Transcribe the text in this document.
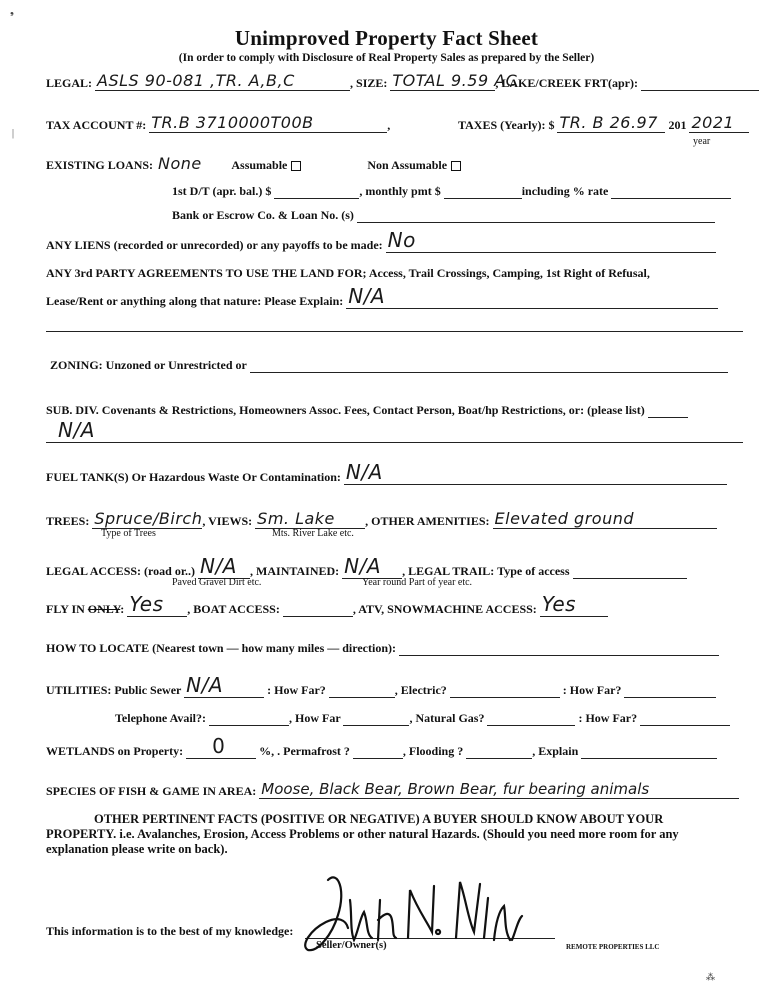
❟
|
Unimproved Property Fact Sheet
(In order to comply with Disclosure of Real Property Sales as prepared by the Seller)
LEGAL: ASLS 90-081 ,TR. A,B,C	, SIZE: TOTAL 9.59 AC
, LAKE/CREEK FRT(apr):
TAX ACCOUNT #: TR.B 3710000T00B	,	TAXES (Yearly): $ TR. B 26.97 201 2021
year
EXISTING LOANS: None Assumable	Non Assumable
1st D/T (apr. bal.) $	, monthly pmt $	including % rate
Bank or Escrow Co. & Loan No. (s)
ANY LIENS (recorded or unrecorded) or any payoffs to be made: No
ANY 3rd PARTY AGREEMENTS TO USE THE LAND FOR; Access, Trail Crossings, Camping, 1st Right of Refusal,
Lease/Rent or anything along that nature: Please Explain: N/A
ZONING: Unzoned or Unrestricted or
SUB. DIV. Covenants & Restrictions, Homeowners Assoc. Fees, Contact Person, Boat/hp Restrictions, or: (please list)
N/A
FUEL TANK(S) Or Hazardous Waste Or Contamination: N/A
TREES: Spruce/Birch , VIEWS: Sm. Lake	, OTHER AMENITIES: Elevated ground
Type of Trees	Mts. River Lake etc.
LEGAL ACCESS: (road or..) N/A , MAINTAINED: N/A , LEGAL TRAIL: Type of access
Paved Gravel Dirt etc.	Year round Part of year etc.
FLY IN ONLY: Yes , BOAT ACCESS:	, ATV, SNOWMACHINE ACCESS: Yes
HOW TO LOCATE (Nearest town — how many miles — direction):
UTILITIES: Public Sewer N/A	: How Far?	, Electric?	: How Far?
Telephone Avail?:	, How Far	, Natural Gas?	: How Far?
WETLANDS on Property: 0	%, . Permafrost ?	, Flooding ?	, Explain
SPECIES OF FISH & GAME IN AREA: Moose, Black Bear, Brown Bear, fur bearing animals
OTHER PERTINENT FACTS (POSITIVE OR NEGATIVE) A BUYER SHOULD KNOW ABOUT YOUR
PROPERTY. i.e. Avalanches, Erosion, Access Problems or other natural Hazards. (Should you need more room for any
explanation please write on back).
This information is to the best of my knowledge:
Seller/Owner(s)	REMOTE PROPERTIES LLC
⁂
